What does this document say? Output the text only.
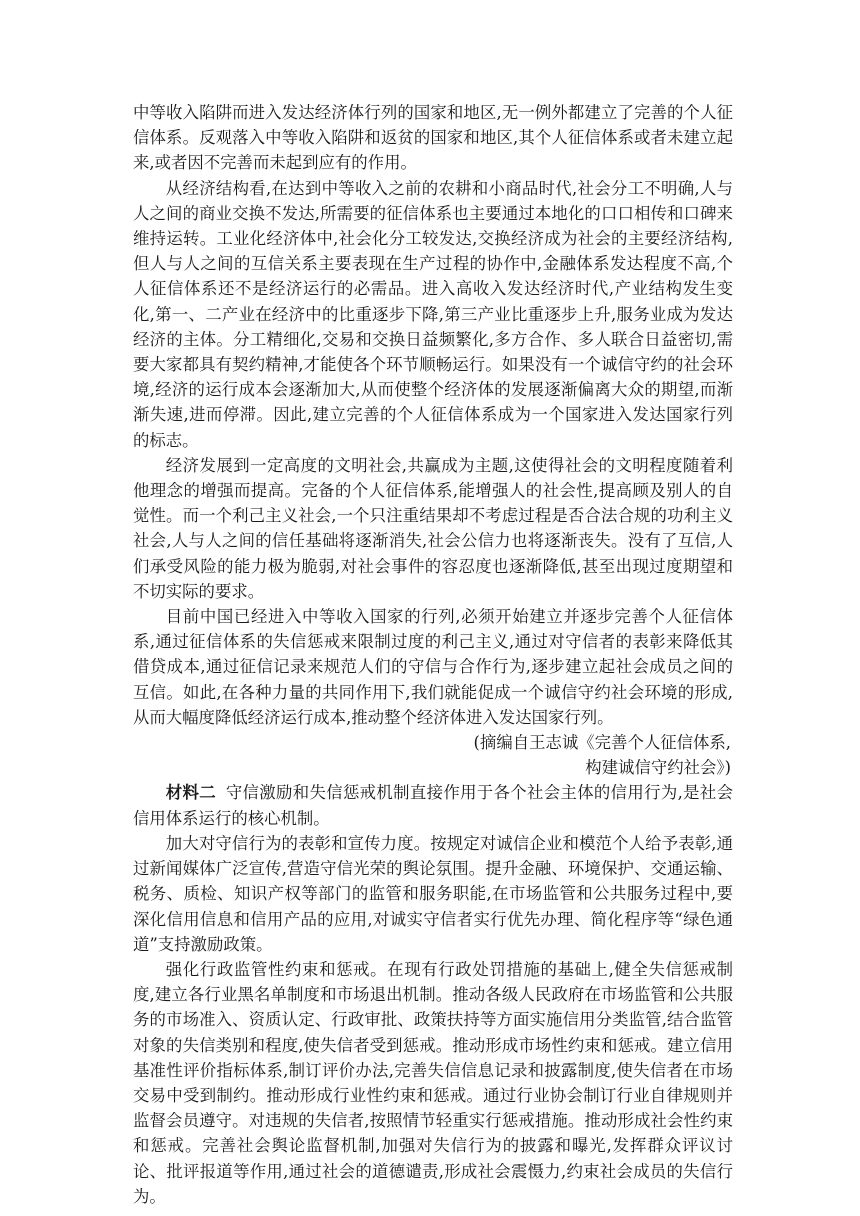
中等收入陷阱而进入发达经济体行列的国家和地区,无一例外都建立了完善的个人征信体系。反观落入中等收入陷阱和返贫的国家和地区,其个人征信体系或者未建立起来,或者因不完善而未起到应有的作用。

从经济结构看,在达到中等收入之前的农耕和小商品时代,社会分工不明确,人与人之间的商业交换不发达,所需要的征信体系也主要通过本地化的口口相传和口碑来维持运转。工业化经济体中,社会化分工较发达,交换经济成为社会的主要经济结构,但人与人之间的互信关系主要表现在生产过程的协作中,金融体系发达程度不高,个人征信体系还不是经济运行的必需品。进入高收入发达经济时代,产业结构发生变化,第一、二产业在经济中的比重逐步下降,第三产业比重逐步上升,服务业成为发达经济的主体。分工精细化,交易和交换日益频繁化,多方合作、多人联合日益密切,需要大家都具有契约精神,才能使各个环节顺畅运行。如果没有一个诚信守约的社会环境,经济的运行成本会逐渐加大,从而使整个经济体的发展逐渐偏离大众的期望,而渐渐失速,进而停滞。因此,建立完善的个人征信体系成为一个国家进入发达国家行列的标志。

经济发展到一定高度的文明社会,共赢成为主题,这使得社会的文明程度随着利他理念的增强而提高。完备的个人征信体系,能增强人的社会性,提高顾及别人的自觉性。而一个利己主义社会,一个只注重结果却不考虑过程是否合法合规的功利主义社会,人与人之间的信任基础将逐渐消失,社会公信力也将逐渐丧失。没有了互信,人们承受风险的能力极为脆弱,对社会事件的容忍度也逐渐降低,甚至出现过度期望和不切实际的要求。

目前中国已经进入中等收入国家的行列,必须开始建立并逐步完善个人征信体系,通过征信体系的失信惩戒来限制过度的利己主义,通过对守信者的表彰来降低其借贷成本,通过征信记录来规范人们的守信与合作行为,逐步建立起社会成员之间的互信。如此,在各种力量的共同作用下,我们就能促成一个诚信守约社会环境的形成,从而大幅度降低经济运行成本,推动整个经济体进入发达国家行列。

(摘编自王志诚《完善个人征信体系,
构建诚信守约社会》)

材料二 守信激励和失信惩戒机制直接作用于各个社会主体的信用行为,是社会信用体系运行的核心机制。

加大对守信行为的表彰和宣传力度。按规定对诚信企业和模范个人给予表彰,通过新闻媒体广泛宣传,营造守信光荣的舆论氛围。提升金融、环境保护、交通运输、税务、质检、知识产权等部门的监管和服务职能,在市场监管和公共服务过程中,要深化信用信息和信用产品的应用,对诚实守信者实行优先办理、简化程序等“绿色通道”支持激励政策。

强化行政监管性约束和惩戒。在现有行政处罚措施的基础上,健全失信惩戒制度,建立各行业黑名单制度和市场退出机制。推动各级人民政府在市场监管和公共服务的市场准入、资质认定、行政审批、政策扶持等方面实施信用分类监管,结合监管对象的失信类别和程度,使失信者受到惩戒。推动形成市场性约束和惩戒。建立信用基准性评价指标体系,制订评价办法,完善失信信息记录和披露制度,使失信者在市场交易中受到制约。推动形成行业性约束和惩戒。通过行业协会制订行业自律规则并监督会员遵守。对违规的失信者,按照情节轻重实行惩戒措施。推动形成社会性约束和惩戒。完善社会舆论监督机制,加强对失信行为的披露和曝光,发挥群众评议讨论、批评报道等作用,通过社会的道德谴责,形成社会震慑力,约束社会成员的失信行为。
